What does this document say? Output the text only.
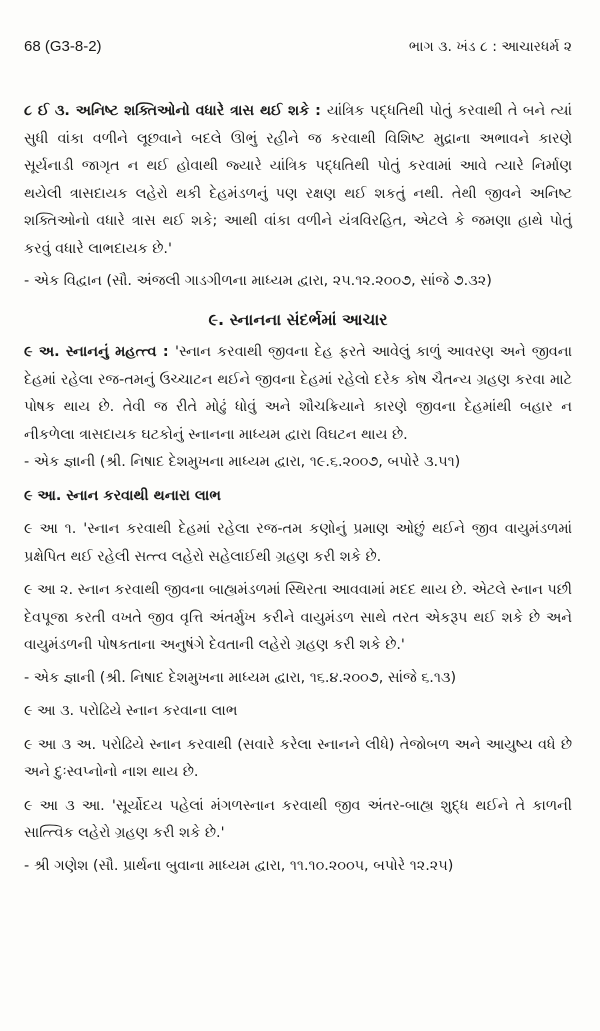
68 (G3-8-2)	ભાગ ૩. ખંડ ૮ : આચારધર્મ ૨

૮ ઈ ૩. અનિષ્ટ શક્તિઓનો વધારે ત્રાસ થઈ શકે : યાંત્રિક પદ્ધતિથી પોતું કરવાથી તે બને ત્યાં સુધી વાંકા વળીને લૂછવાને બદલે ઊભું રહીને જ કરવાથી વિશિષ્ટ મુદ્રાના અભાવને કારણે સૂર્યનાડી જાગૃત ન થઈ હોવાથી જ્યારે યાંત્રિક પદ્ધતિથી પોતું કરવામાં આવે ત્યારે નિર્માણ થયેલી ત્રાસદાયક લહેરો થકી દેહમંડળનું પણ રક્ષણ થઈ શકતું નથી. તેથી જીવને અનિષ્ટ શક્તિઓનો વધારે ત્રાસ થઈ શકે; આથી વાંકા વળીને યંત્રવિરહિત, એટલે કે જમણા હાથે પોતું કરવું વધારે લાભદાયક છે.'

- એક વિદ્વાન (સૌ. અંજલી ગાડગીળના માધ્યમ દ્વારા, ૨૫.૧૨.૨૦૦૭, સાંજે ૭.૩૨)

૯. સ્નાનના સંદર્ભમાં આચાર

૯ અ. સ્નાનનું મહત્ત્વ : 'સ્નાન કરવાથી જીવના દેહ ફરતે આવેલું કાળું આવરણ અને જીવના દેહમાં રહેલા રજ-તમનું ઉચ્ચાટન થઈને જીવના દેહમાં રહેલો દરેક કોષ ચૈતન્ય ગ્રહણ કરવા માટે પોષક થાય છે. તેવી જ રીતે મોઢું ધોવું અને શૌચક્રિયાને કારણે જીવના દેહમાંથી બહાર ન નીકળેલા ત્રાસદાયક ઘટકોનું સ્નાનના માધ્યમ દ્વારા વિઘટન થાય છે.

- એક જ્ઞાની (શ્રી. નિષાદ દેશમુખના માધ્યમ દ્વારા, ૧૯.૬.૨૦૦૭, બપોરે ૩.૫૧)

૯ આ. સ્નાન કરવાથી થનારા લાભ

૯ આ ૧. 'સ્નાન કરવાથી દેહમાં રહેલા રજ-તમ કણોનું પ્રમાણ ઓછું થઈને જીવ વાયુમંડળમાં પ્રક્ષેપિત થઈ રહેલી સત્ત્વ લહેરો સહેલાઈથી ગ્રહણ કરી શકે છે.

૯ આ ૨. સ્નાન કરવાથી જીવના બાહ્યમંડળમાં સ્થિરતા આવવામાં મદદ થાય છે. એટલે સ્નાન પછી દેવપૂજા કરતી વખતે જીવ વૃત્તિ અંતર્મુખ કરીને વાયુમંડળ સાથે તરત એકરૂપ થઈ શકે છે અને વાયુમંડળની પોષકતાના અનુષંગે દેવતાની લહેરો ગ્રહણ કરી શકે છે.'

- એક જ્ઞાની (શ્રી. નિષાદ દેશમુખના માધ્યમ દ્વારા, ૧૬.૪.૨૦૦૭, સાંજે ૬.૧૩)

૯ આ ૩. પરોઢિયે સ્નાન કરવાના લાભ

૯ આ ૩ અ. પરોઢિયે સ્નાન કરવાથી (સવારે કરેલા સ્નાનને લીધે) તેજોબળ અને આયુષ્ય વધે છે અને દુઃસ્વપ્નોનો નાશ થાય છે.

૯ આ ૩ આ. 'સૂર્યોદય પહેલાં મંગળસ્નાન કરવાથી જીવ અંતર-બાહ્ય શુદ્ધ થઈને તે કાળની સાત્ત્વિક લહેરો ગ્રહણ કરી શકે છે.'

- શ્રી ગણેશ (સૌ. પ્રાર્થના બુવાના માધ્યમ દ્વારા, ૧૧.૧૦.૨૦૦૫, બપોરે ૧૨.૨૫)
